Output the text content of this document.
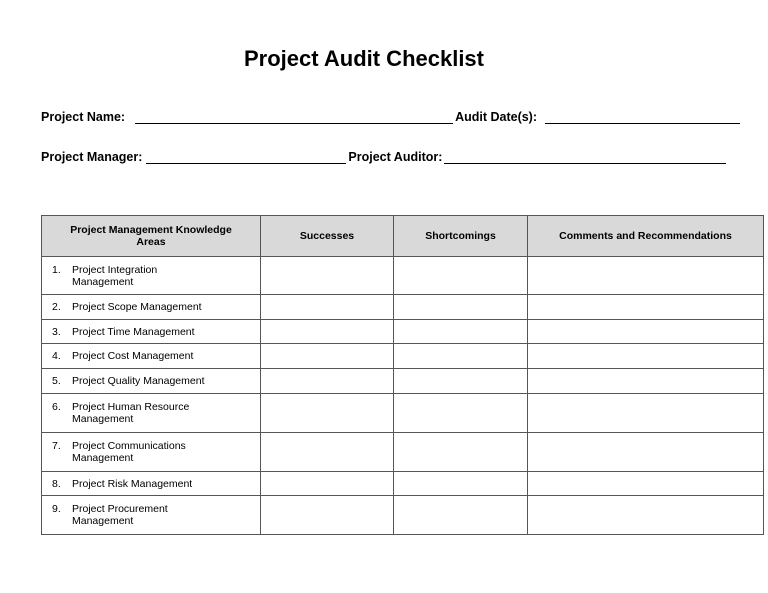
Project Audit Checklist
Project Name:	Audit Date(s):
Project Manager:	Project Auditor:
Project Management Knowledge Areas	Successes	Shortcomings	Comments and Recommendations
1. Project Integration Management			
2. Project Scope Management			
3. Project Time Management			
4. Project Cost Management			
5. Project Quality Management			
6. Project Human Resource Management			
7. Project Communications Management			
8. Project Risk Management			
9. Project Procurement Management			
